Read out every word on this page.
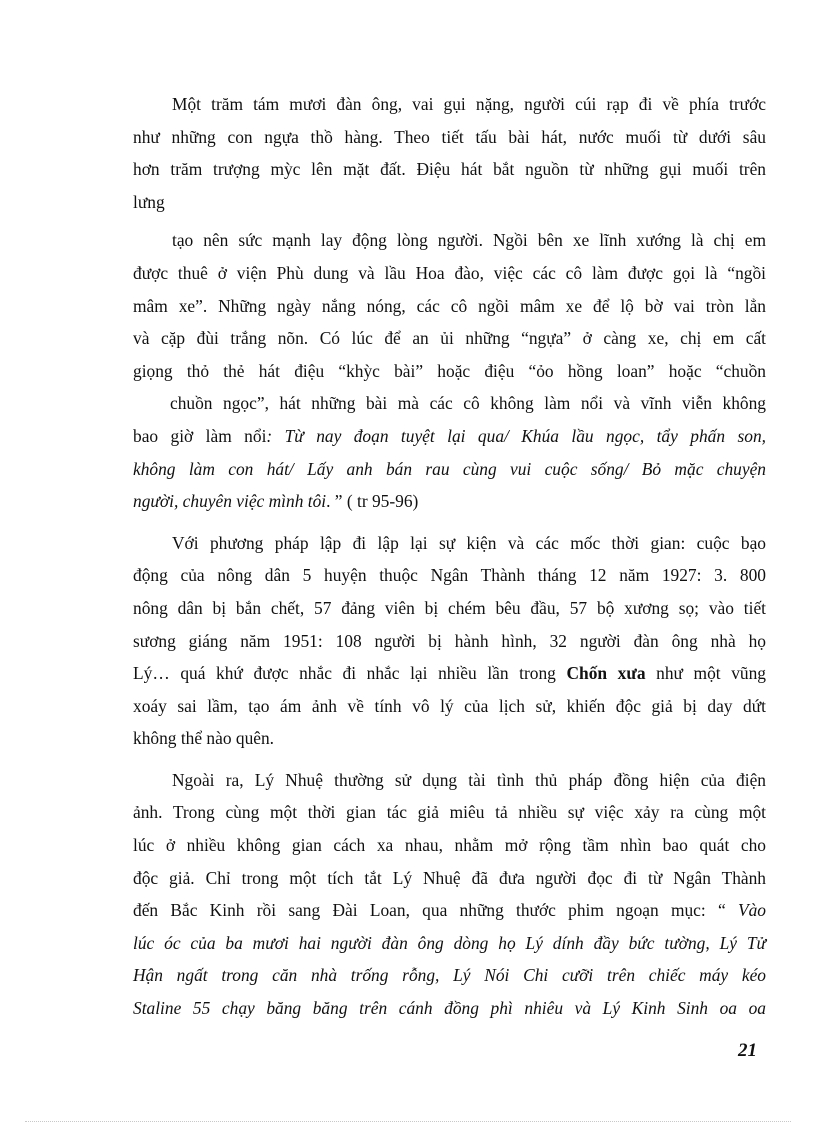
Một trăm tám mươi đàn ông, vai gụi nặng, người cúi rạp đi về phía trước
như những con ngựa thồ hàng. Theo tiết tấu bài hát, nước muối từ dưới sâu
hơn trăm trượng mỳc lên mặt đất. Điệu hát bắt nguồn từ những gụi muối trên
lưng
tạo nên sức mạnh lay động lòng người. Ngồi bên xe lĩnh xướng là chị em
được thuê ở viện Phù dung và lầu Hoa đào, việc các cô làm được gọi là “ngồi
mâm xe”. Những ngày nắng nóng, các cô ngồi mâm xe để lộ bờ vai tròn lẳn
và cặp đùi trắng nõn. Có lúc để an ủi những “ngựa” ở càng xe, chị em cất
giọng thỏ thẻ hát điệu “khỳc bài” hoặc điệu “ỏo hồng loan” hoặc “chuồn
chuồn ngọc”, hát những bài mà các cô không làm nổi và vĩnh viễn không
bao giờ làm nổi: Từ nay đoạn tuyệt lại qua/ Khúa lầu ngọc, tẩy phấn son,
không làm con hát/ Lấy anh bán rau cùng vui cuộc sống/ Bỏ mặc chuyện
người, chuyên việc mình tôi. ” ( tr 95-96)
Với phương pháp lập đi lập lại sự kiện và các mốc thời gian: cuộc bạo
động của nông dân 5 huyện thuộc Ngân Thành tháng 12 năm 1927: 3. 800
nông dân bị bắn chết, 57 đảng viên bị chém bêu đầu, 57 bộ xương sọ; vào tiết
sương giáng năm 1951: 108 người bị hành hình, 32 người đàn ông nhà họ
Lý… quá khứ được nhắc đi nhắc lại nhiều lần trong Chốn xưa như một vũng
xoáy sai lầm, tạo ám ảnh về tính vô lý của lịch sử, khiến độc giả bị day dứt
không thể nào quên.
Ngoài ra, Lý Nhuệ thường sử dụng tài tình thủ pháp đồng hiện của điện
ảnh. Trong cùng một thời gian tác giả miêu tả nhiều sự việc xảy ra cùng một
lúc ở nhiều không gian cách xa nhau, nhằm mở rộng tầm nhìn bao quát cho
độc giả. Chỉ trong một tích tắt Lý Nhuệ đã đưa người đọc đi từ Ngân Thành
đến Bắc Kinh rồi sang Đài Loan, qua những thước phim ngoạn mục: “ Vào
lúc óc của ba mươi hai người đàn ông dòng họ Lý dính đầy bức tường, Lý Tử
Hận ngất trong căn nhà trống rỗng, Lý Nói Chi cưỡi trên chiếc máy kéo
Staline 55 chạy băng băng trên cánh đồng phì nhiêu và Lý Kinh Sinh oa oa
21
